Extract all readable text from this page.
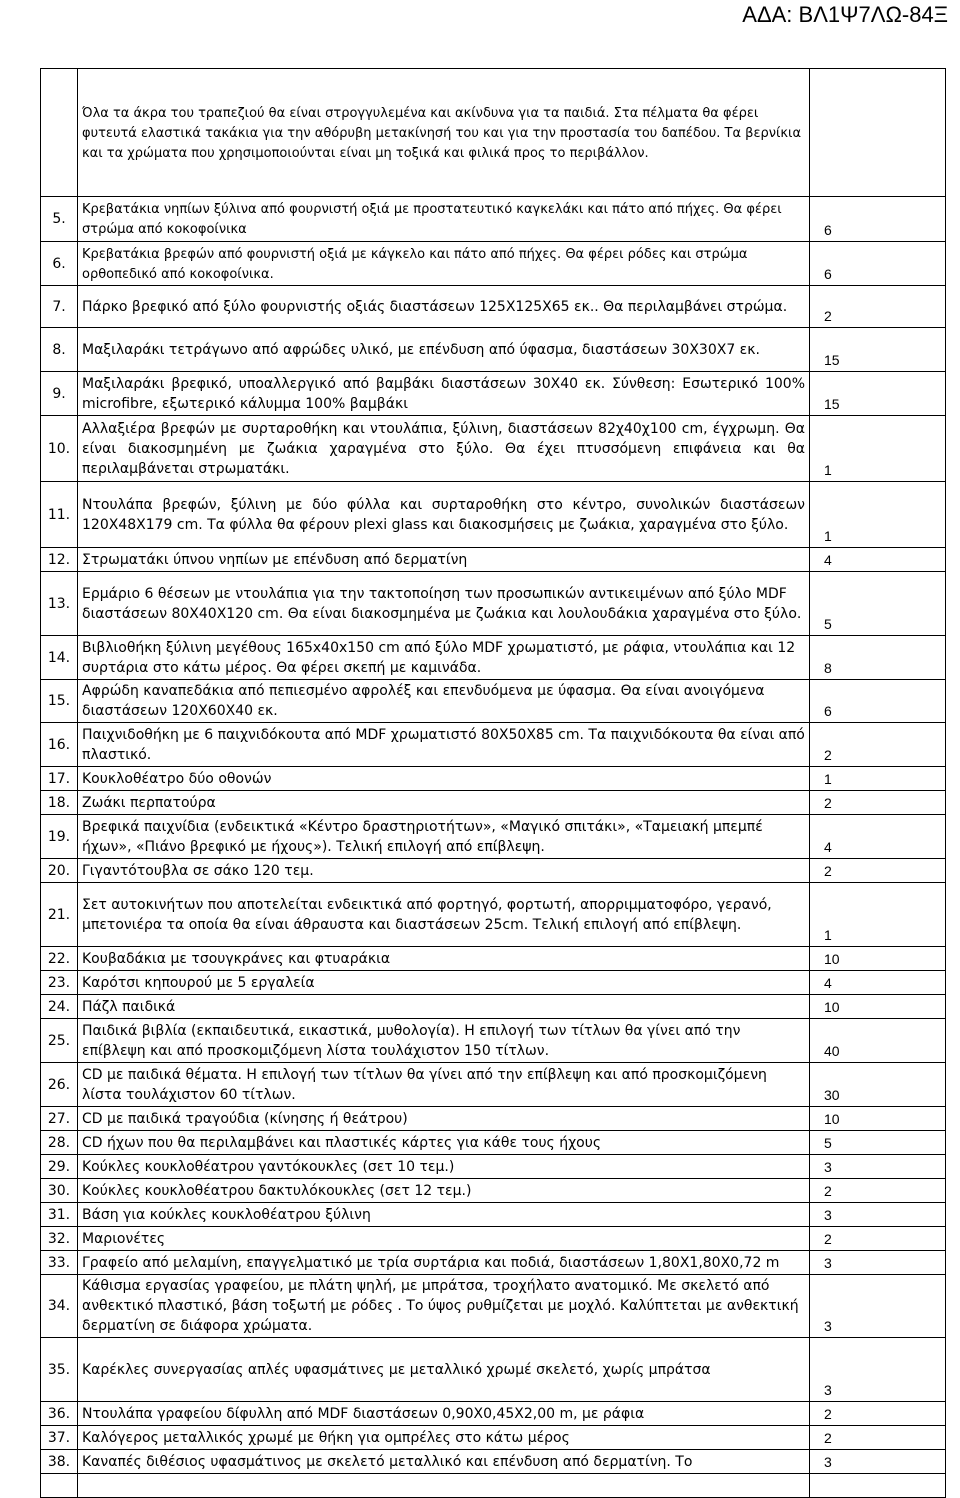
ΑΔΑ: ΒΛ1Ψ7ΛΩ-84Ξ
	Όλα τα άκρα του τραπεζιού θα είναι στρογγυλεμένα και ακίνδυνα για τα παιδιά. Στα πέλματα θα φέρει φυτευτά ελαστικά τακάκια για την αθόρυβη μετακίνησή του και για την προστασία του δαπέδου. Τα βερνίκια και τα χρώματα που χρησιμοποιούνται είναι μη τοξικά και φιλικά προς το περιβάλλον.	
5.	Κρεβατάκια νηπίων ξύλινα από φουρνιστή οξιά με προστατευτικό καγκελάκι και πάτο από πήχες. Θα φέρει στρώμα από κοκοφοίνικα	6
6.	Κρεβατάκια βρεφών από φουρνιστή οξιά με κάγκελο και πάτο από πήχες. Θα φέρει ρόδες και στρώμα ορθοπεδικό από κοκοφοίνικα.	6
7.	Πάρκο βρεφικό από ξύλο φουρνιστής οξιάς διαστάσεων 125Χ125Χ65 εκ.. Θα περιλαμβάνει στρώμα.	2
8.	Μαξιλαράκι τετράγωνο από αφρώδες υλικό, με επένδυση από ύφασμα, διαστάσεων 30Χ30Χ7 εκ.	15
9.	Μαξιλαράκι βρεφικό, υποαλλεργικό από βαμβάκι διαστάσεων 30Χ40 εκ. Σύνθεση: Εσωτερικό 100% microfibre, εξωτερικό κάλυμμα 100% βαμβάκι	15
10.	Αλλαξιέρα βρεφών με συρταροθήκη και ντουλάπια, ξύλινη, διαστάσεων 82χ40χ100 cm, έγχρωμη. Θα είναι διακοσμημένη με ζωάκια χαραγμένα στο ξύλο. Θα έχει πτυσσόμενη επιφάνεια και θα περιλαμβάνεται στρωματάκι.	1
11.	Ντουλάπα βρεφών, ξύλινη με δύο φύλλα και συρταροθήκη στο κέντρο, συνολικών διαστάσεων 120Χ48Χ179 cm. Τα φύλλα θα φέρουν plexi glass και διακοσμήσεις με ζωάκια, χαραγμένα στο ξύλο.	1
12.	Στρωματάκι ύπνου νηπίων με επένδυση από δερματίνη	4
13.	Ερμάριο 6 θέσεων με ντουλάπια για την τακτοποίηση των προσωπικών αντικειμένων από ξύλο MDF διαστάσεων 80Χ40Χ120 cm. Θα είναι διακοσμημένα με ζωάκια και λουλουδάκια χαραγμένα στο ξύλο.	5
14.	Βιβλιοθήκη ξύλινη μεγέθους 165x40x150 cm από ξύλο MDF χρωματιστό, με ράφια, ντουλάπια και 12 συρτάρια στο κάτω μέρος. Θα φέρει σκεπή με καμινάδα.	8
15.	Αφρώδη καναπεδάκια από πεπιεσμένο αφρολέξ και επενδυόμενα με ύφασμα. Θα είναι ανοιγόμενα διαστάσεων 120Χ60Χ40 εκ.	6
16.	Παιχνιδοθήκη με 6 παιχνιδόκουτα από MDF χρωματιστό 80Χ50Χ85 cm. Τα παιχνιδόκουτα θα είναι από πλαστικό.	2
17.	Κουκλοθέατρο δύο οθονών	1
18.	Ζωάκι περπατούρα	2
19.	Βρεφικά παιχνίδια (ενδεικτικά «Κέντρο δραστηριοτήτων», «Μαγικό σπιτάκι», «Ταμειακή μπεμπέ ήχων», «Πιάνο βρεφικό με ήχους»). Τελική επιλογή από επίβλεψη.	4
20.	Γιγαντότουβλα σε σάκο 120 τεμ.	2
21.	Σετ αυτοκινήτων που αποτελείται ενδεικτικά από φορτηγό, φορτωτή, απορριμματοφόρο, γερανό, μπετονιέρα τα οποία θα είναι άθραυστα και διαστάσεων 25cm. Τελική επιλογή από επίβλεψη.	1
22.	Κουβαδάκια με τσουγκράνες και φτυαράκια	10
23.	Καρότσι κηπουρού με 5 εργαλεία	4
24.	Πάζλ παιδικά	10
25.	Παιδικά βιβλία (εκπαιδευτικά, εικαστικά, μυθολογία). Η επιλογή των τίτλων θα γίνει από την επίβλεψη και από προσκομιζόμενη λίστα τουλάχιστον 150 τίτλων.	40
26.	CD με παιδικά θέματα. Η επιλογή των τίτλων θα γίνει από την επίβλεψη και από προσκομιζόμενη λίστα τουλάχιστον 60 τίτλων.	30
27.	CD με παιδικά τραγούδια (κίνησης ή θεάτρου)	10
28.	CD ήχων που θα περιλαμβάνει και πλαστικές κάρτες για κάθε τους ήχους	5
29.	Κούκλες κουκλοθέατρου γαντόκουκλες (σετ 10 τεμ.)	3
30.	Κούκλες κουκλοθέατρου δακτυλόκουκλες (σετ 12 τεμ.)	2
31.	Βάση για κούκλες κουκλοθέατρου ξύλινη	3
32.	Μαριονέτες	2
33.	Γραφείο από μελαμίνη, επαγγελματικό με τρία συρτάρια και ποδιά, διαστάσεων 1,80Χ1,80Χ0,72 m	3
34.	Κάθισμα εργασίας γραφείου, με πλάτη ψηλή, με μπράτσα, τροχήλατο ανατομικό. Με σκελετό από ανθεκτικό πλαστικό, βάση τοξωτή με ρόδες . Το ύψος ρυθμίζεται με μοχλό. Καλύπτεται με ανθεκτική δερματίνη σε διάφορα χρώματα.	3
35.	Καρέκλες συνεργασίας απλές υφασμάτινες με μεταλλικό χρωμέ σκελετό, χωρίς μπράτσα	3
36.	Ντουλάπα γραφείου δίφυλλη από MDF διαστάσεων 0,90Χ0,45Χ2,00 m, με ράφια	2
37.	Καλόγερος μεταλλικός χρωμέ με θήκη για ομπρέλες στο κάτω μέρος	2
38.	Καναπές διθέσιος υφασμάτινος με σκελετό μεταλλικό και επένδυση από δερματίνη. Το	3
